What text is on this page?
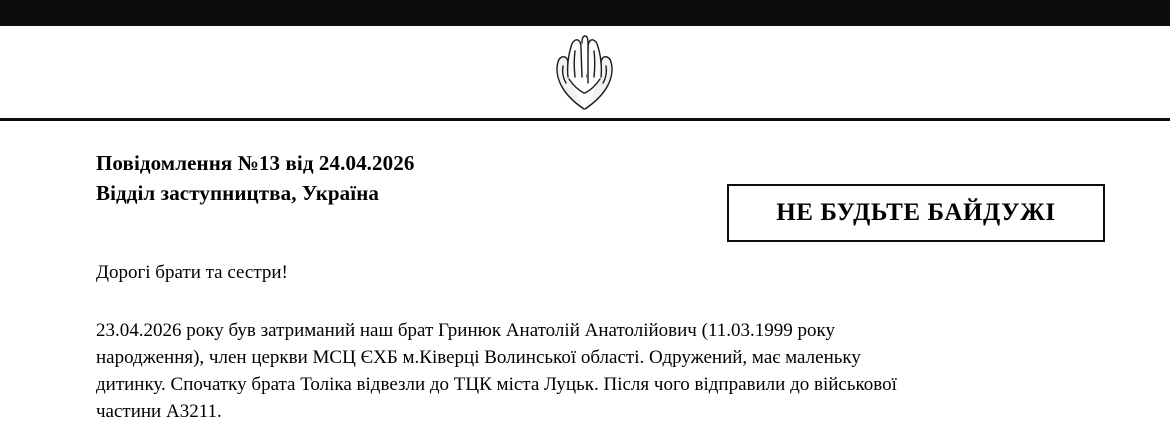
Повідомлення №13 від 24.04.2026
Відділ заступництва, Україна
НЕ БУДЬТЕ БАЙДУЖІ
Дорогі брати та сестри!
23.04.2026 року був затриманий наш брат Гринюк Анатолій Анатолійович (11.03.1999 року
народження), член церкви МСЦ ЄХБ м.Ківерці Волинської області. Одружений, має маленьку
дитинку. Спочатку брата Толіка відвезли до ТЦК міста Луцьк. Після чого відправили до військової
частини А3211.
